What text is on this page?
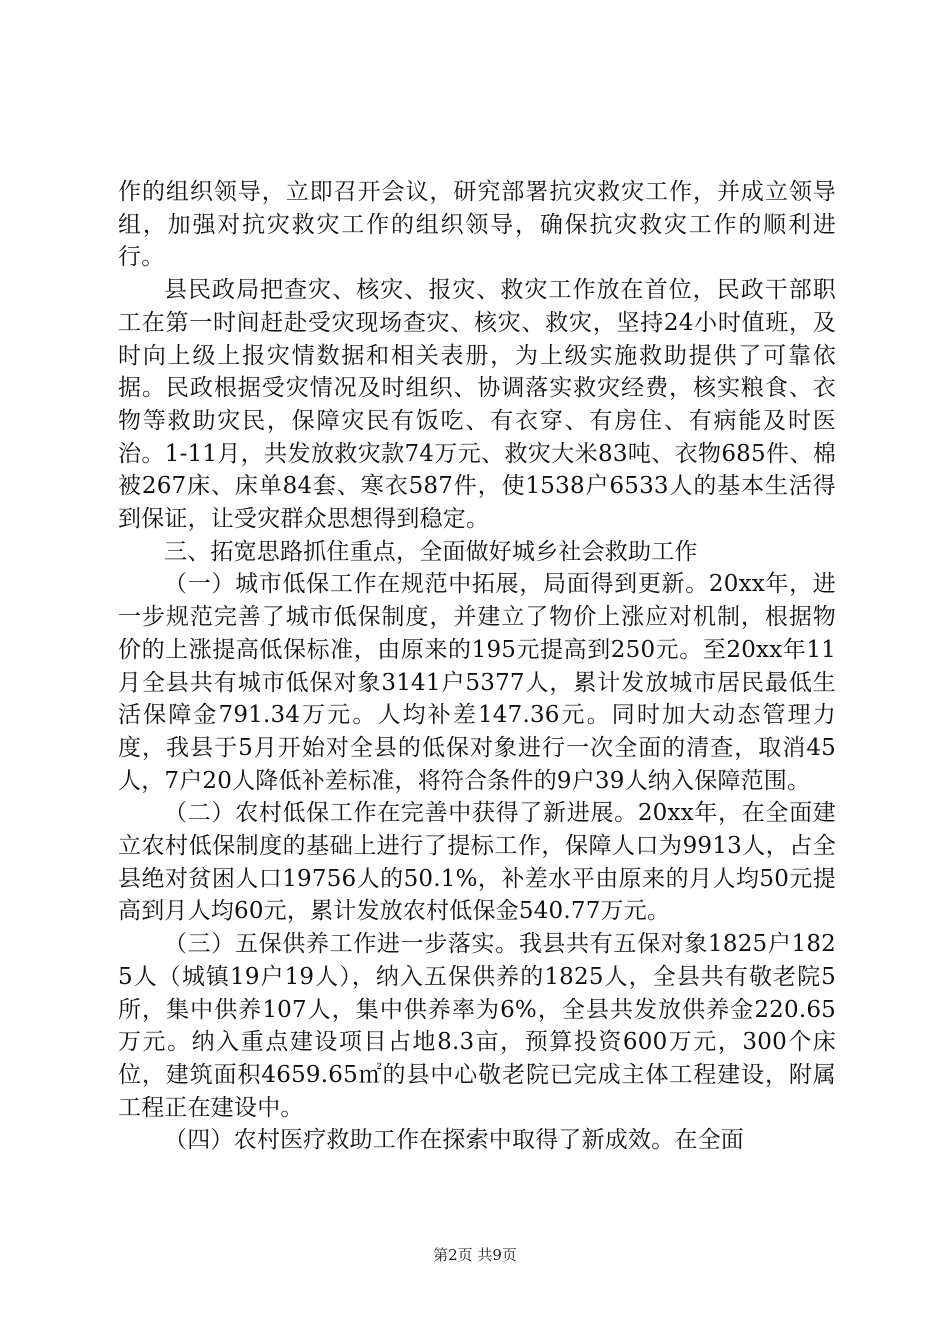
作的组织领导，立即召开会议，研究部署抗灾救灾工作，并成立领导组，加强对抗灾救灾工作的组织领导，确保抗灾救灾工作的顺利进行。

县民政局把查灾、核灾、报灾、救灾工作放在首位，民政干部职工在第一时间赶赴受灾现场查灾、核灾、救灾，坚持24小时值班，及时向上级上报灾情数据和相关表册，为上级实施救助提供了可靠依据。民政根据受灾情况及时组织、协调落实救灾经费，核实粮食、衣物等救助灾民，保障灾民有饭吃、有衣穿、有房住、有病能及时医治。1-11月，共发放救灾款74万元、救灾大米83吨、衣物685件、棉被267床、床单84套、寒衣587件，使1538户6533人的基本生活得到保证，让受灾群众思想得到稳定。

三、拓宽思路抓住重点，全面做好城乡社会救助工作

（一）城市低保工作在规范中拓展，局面得到更新。20xx年，进一步规范完善了城市低保制度，并建立了物价上涨应对机制，根据物价的上涨提高低保标准，由原来的195元提高到250元。至20xx年11月全县共有城市低保对象3141户5377人，累计发放城市居民最低生活保障金791.34万元。人均补差147.36元。同时加大动态管理力度，我县于5月开始对全县的低保对象进行一次全面的清查，取消45人，7户20人降低补差标准，将符合条件的9户39人纳入保障范围。

（二）农村低保工作在完善中获得了新进展。20xx年，在全面建立农村低保制度的基础上进行了提标工作，保障人口为9913人，占全县绝对贫困人口19756人的50.1%，补差水平由原来的月人均50元提高到月人均60元，累计发放农村低保金540.77万元。

（三）五保供养工作进一步落实。我县共有五保对象1825户1825人（城镇19户19人），纳入五保供养的1825人，全县共有敬老院5所，集中供养107人，集中供养率为6%，全县共发放供养金220.65万元。纳入重点建设项目占地8.3亩，预算投资600万元，300个床位，建筑面积4659.65㎡的县中心敬老院已完成主体工程建设，附属工程正在建设中。

（四）农村医疗救助工作在探索中取得了新成效。在全面

第2页 共9页
